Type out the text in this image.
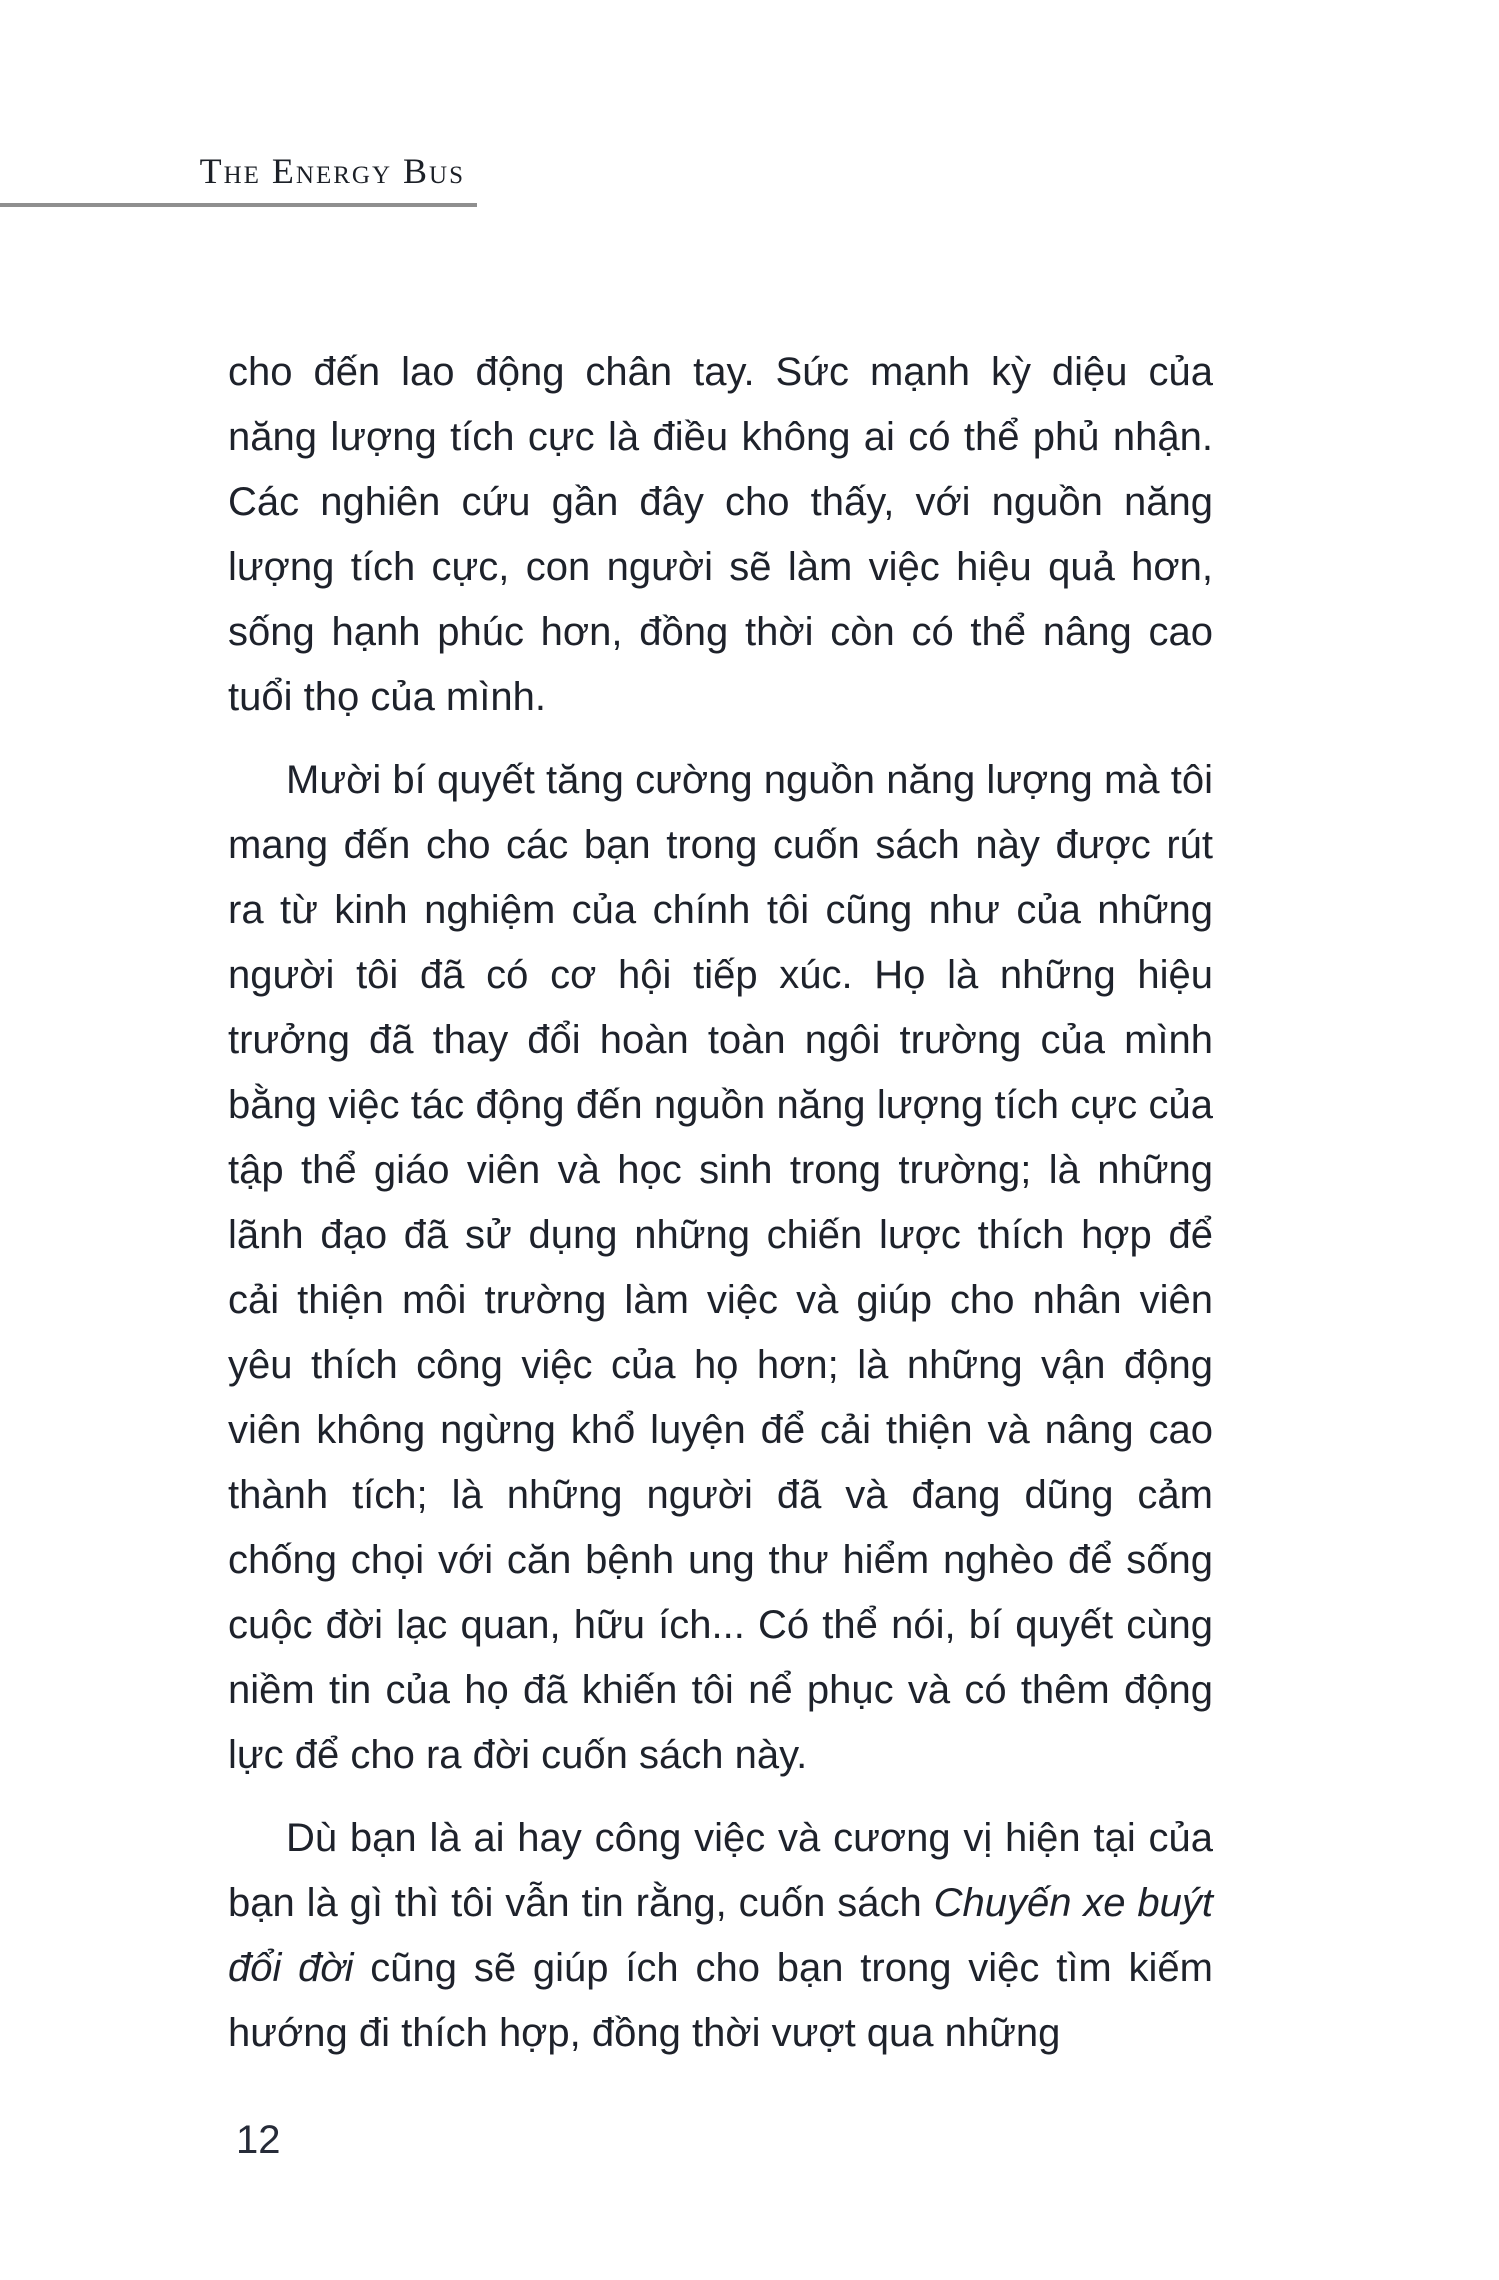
The Energy Bus

cho đến lao động chân tay. Sức mạnh kỳ diệu của năng lượng tích cực là điều không ai có thể phủ nhận. Các nghiên cứu gần đây cho thấy, với nguồn năng lượng tích cực, con người sẽ làm việc hiệu quả hơn, sống hạnh phúc hơn, đồng thời còn có thể nâng cao tuổi thọ của mình.

Mười bí quyết tăng cường nguồn năng lượng mà tôi mang đến cho các bạn trong cuốn sách này được rút ra từ kinh nghiệm của chính tôi cũng như của những người tôi đã có cơ hội tiếp xúc. Họ là những hiệu trưởng đã thay đổi hoàn toàn ngôi trường của mình bằng việc tác động đến nguồn năng lượng tích cực của tập thể giáo viên và học sinh trong trường; là những lãnh đạo đã sử dụng những chiến lược thích hợp để cải thiện môi trường làm việc và giúp cho nhân viên yêu thích công việc của họ hơn; là những vận động viên không ngừng khổ luyện để cải thiện và nâng cao thành tích; là những người đã và đang dũng cảm chống chọi với căn bệnh ung thư hiểm nghèo để sống cuộc đời lạc quan, hữu ích... Có thể nói, bí quyết cùng niềm tin của họ đã khiến tôi nể phục và có thêm động lực để cho ra đời cuốn sách này.

Dù bạn là ai hay công việc và cương vị hiện tại của bạn là gì thì tôi vẫn tin rằng, cuốn sách Chuyến xe buýt đổi đời cũng sẽ giúp ích cho bạn trong việc tìm kiếm hướng đi thích hợp, đồng thời vượt qua những

12
